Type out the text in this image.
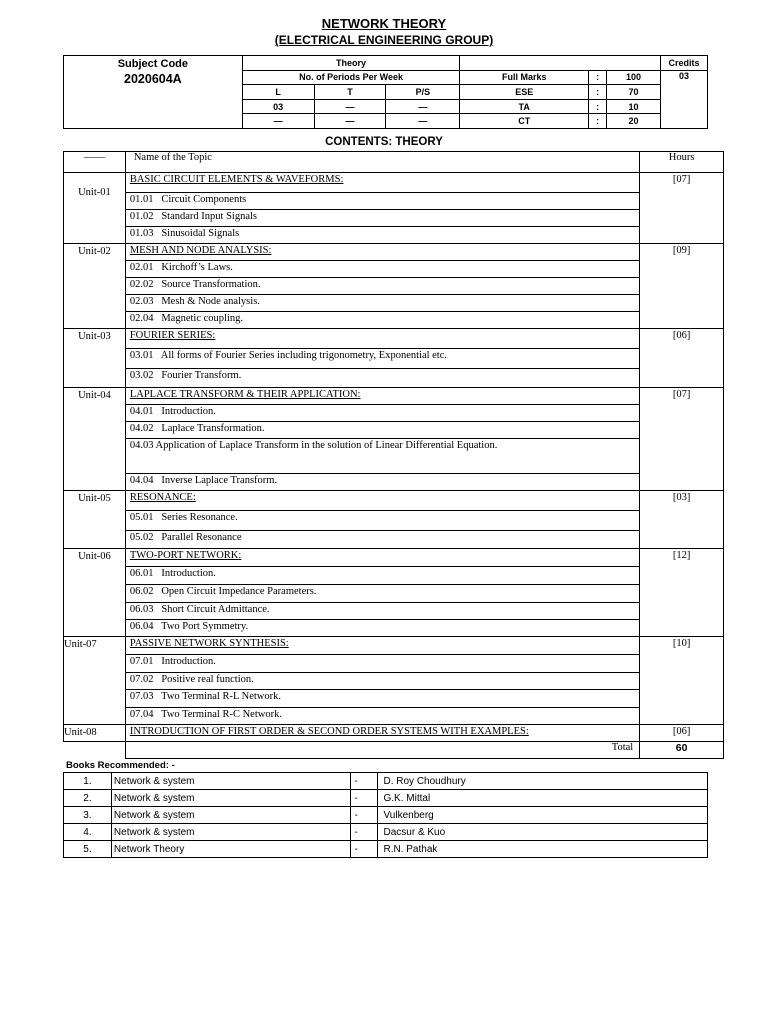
NETWORK THEORY
(ELECTRICAL ENGINEERING GROUP)
Subject Code
2020604A	Theory						Credits
	No. of Periods Per Week			Full Marks	:	100	03
	L	T	P/S	ESE	:	70	
	03	—	—	TA	:	10	
	—	—	—	CT	:	20	
CONTENTS: THEORY
——	Name of the Topic	Hours
Unit-01	BASIC CIRCUIT ELEMENTS & WAVEFORMS:	[07]
	01.01   Circuit Components	
	01.02   Standard Input Signals	
	01.03   Sinusoidal Signals	
Unit-02	MESH AND NODE ANALYSIS:	[09]
	02.01   Kirchoff’s Laws.	
	02.02   Source Transformation.	
	02.03   Mesh & Node analysis.	
	02.04   Magnetic coupling.	
Unit-03	FOURIER SERIES:	[06]
	03.01   All forms of Fourier Series including trigonometry, Exponential etc.	
	03.02   Fourier Transform.	
Unit-04	LAPLACE TRANSFORM & THEIR APPLICATION:	[07]
	04.01   Introduction.	
	04.02   Laplace Transformation.	
	04.03 Application of Laplace Transform in the solution of Linear Differential Equation.	
	04.04   Inverse Laplace Transform.	
Unit-05	RESONANCE:	[03]
	05.01   Series Resonance.	
	05.02   Parallel Resonance	
Unit-06	TWO-PORT NETWORK:	[12]
	06.01   Introduction.	
	06.02   Open Circuit Impedance Parameters.	
	06.03   Short Circuit Admittance.	
	06.04   Two Port Symmetry.	
Unit-07	PASSIVE NETWORK SYNTHESIS:	[10]
	07.01   Introduction.	
	07.02   Positive real function.	
	07.03   Two Terminal R-L Network.	
	07.04   Two Terminal R-C Network.	
Unit-08	INTRODUCTION OF FIRST ORDER & SECOND ORDER SYSTEMS WITH EXAMPLES:	[06]
	Total	60
Books Recommended: -
1.	Network & system	-	D. Roy Choudhury
2.	Network & system	-	G.K. Mittal
3.	Network & system	-	Vulkenberg
4.	Network & system	-	Dacsur & Kuo
5.	Network Theory	-	R.N. Pathak
